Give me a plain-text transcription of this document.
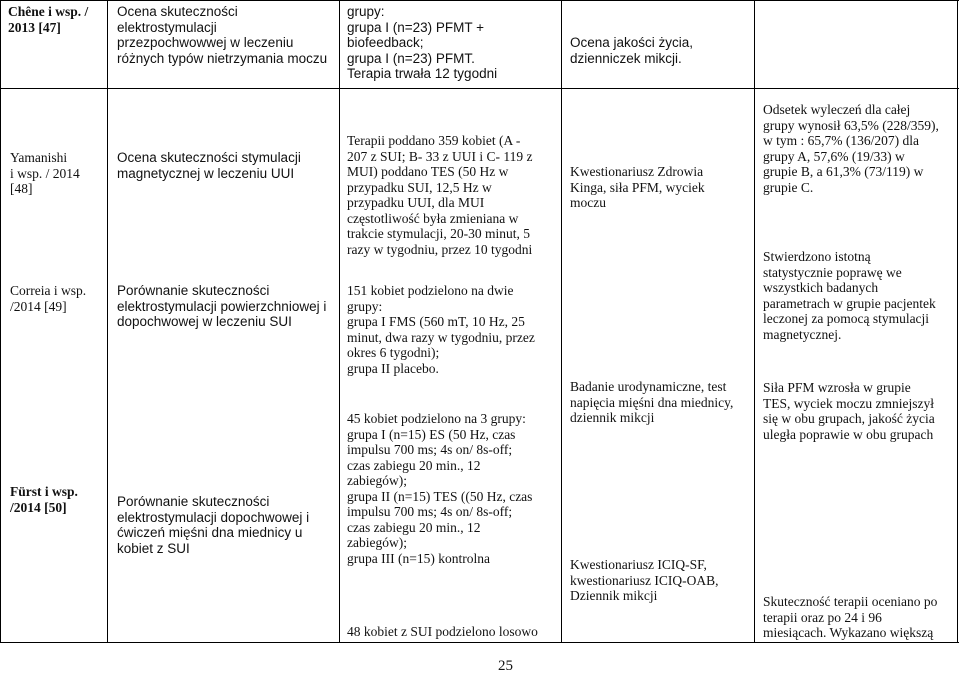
Chêne i wsp. /
2013 [47]
Ocena skuteczności elektrostymulacji
przezpochwowwej w leczeniu
różnych typów nietrzymania moczu
grupy:
grupa I (n=23) PFMT +
biofeedback;
grupa I (n=23) PFMT.
Terapia trwała 12 tygodni
Ocena jakości życia,
dzienniczek mikcji.
Yamanishi
i wsp. / 2014
[48]
Correia i wsp.
/2014 [49]
Fürst i wsp.
/2014 [50]
Ocena skuteczności stymulacji
magnetycznej w leczeniu UUI
Porównanie skuteczności
elektrostymulacji powierzchniowej i
dopochwowej w leczeniu SUI
Porównanie skuteczności
elektrostymulacji dopochwowej i
ćwiczeń mięśni dna miednicy u
kobiet z SUI
Terapii poddano 359 kobiet (A -
207 z SUI; B- 33 z UUI i C- 119 z
MUI) poddano TES (50 Hz w
przypadku SUI, 12,5 Hz w
przypadku UUI, dla MUI
częstotliwość była zmieniana w
trakcie stymulacji, 20-30 minut, 5
razy w tygodniu, przez 10 tygodni
151 kobiet podzielono na dwie
grupy:
grupa I FMS (560 mT, 10 Hz, 25
minut, dwa razy w tygodniu, przez
okres 6 tygodni);
grupa II placebo.
45 kobiet podzielono na 3 grupy:
grupa I (n=15) ES (50 Hz, czas
impulsu 700 ms; 4s on/ 8s-off;
czas zabiegu 20 min., 12
zabiegów);
grupa II (n=15) TES ((50 Hz, czas
impulsu 700 ms; 4s on/ 8s-off;
czas zabiegu 20 min., 12
zabiegów);
grupa III (n=15) kontrolna
48 kobiet z SUI podzielono losowo
Kwestionariusz Zdrowia
Kinga, siła PFM, wyciek
moczu
Badanie urodynamiczne, test
napięcia mięśni dna miednicy,
dziennik mikcji
Kwestionariusz ICIQ-SF,
kwestionariusz ICIQ-OAB,
Dziennik mikcji
Odsetek wyleczeń dla całej
grupy wynosił 63,5% (228/359),
w tym : 65,7% (136/207) dla
grupy A, 57,6% (19/33) w
grupie B, a 61,3% (73/119) w
grupie C.
Stwierdzono istotną
statystycznie poprawę we
wszystkich badanych
parametrach w grupie pacjentek
leczonej za pomocą stymulacji
magnetycznej.
Siła PFM wzrosła w grupie
TES, wyciek moczu zmniejszył
się w obu grupach, jakość życia
uległa poprawie w obu grupach
Skuteczność terapii oceniano po
terapii oraz po 24 i 96
miesiącach. Wykazano większą
25
